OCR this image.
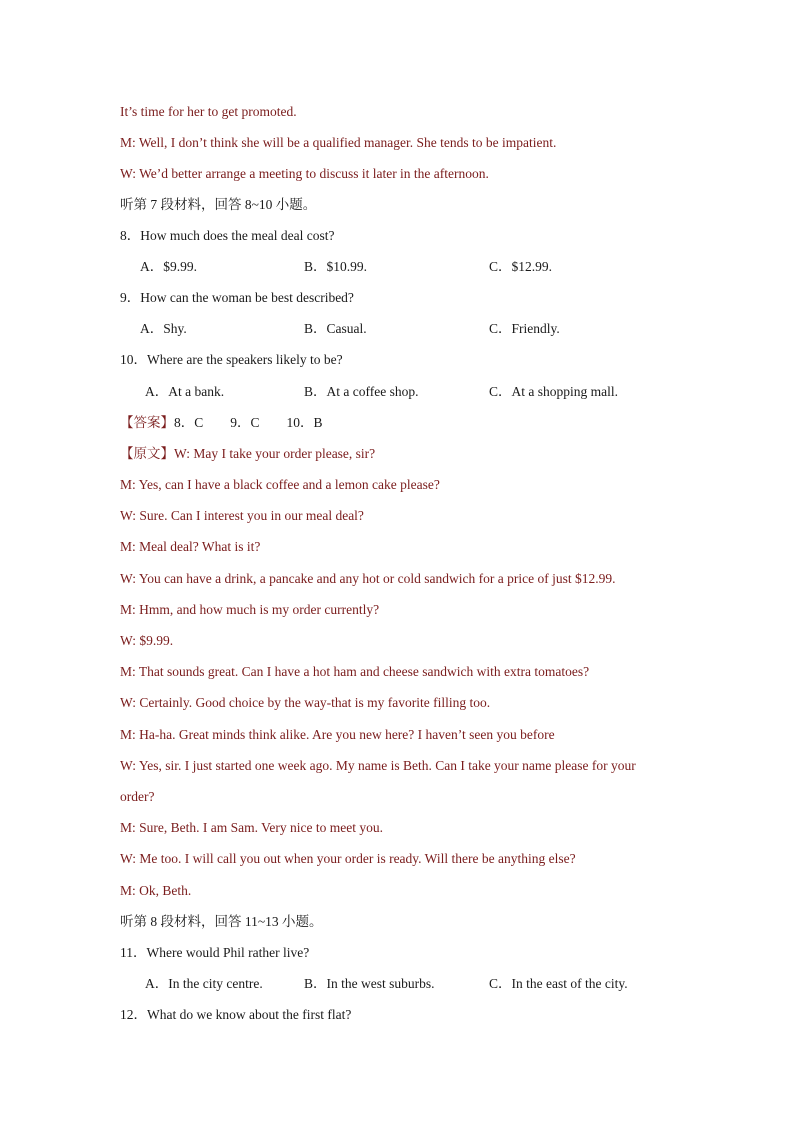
It’s time for her to get promoted.
M: Well, I don’t think she will be a qualified manager. She tends to be impatient.
W: We’d better arrange a meeting to discuss it later in the afternoon.
听第 7 段材料，回答 8~10 小题。
8．How much does the meal deal cost?
A．$9.99.	B．$10.99.	C．$12.99.
9．How can the woman be best described?
A．Shy.	B．Casual.	C．Friendly.
10．Where are the speakers likely to be?
A．At a bank.	B．At a coffee shop.	C．At a shopping mall.
【答案】8．C        9．C        10．B
【原文】W: May I take your order please, sir?
M: Yes, can I have a black coffee and a lemon cake please?
W: Sure. Can I interest you in our meal deal?
M: Meal deal? What is it?
W: You can have a drink, a pancake and any hot or cold sandwich for a price of just $12.99.
M: Hmm, and how much is my order currently?
W: $9.99.
M: That sounds great. Can I have a hot ham and cheese sandwich with extra tomatoes?
W: Certainly. Good choice by the way-that is my favorite filling too.
M: Ha-ha. Great minds think alike. Are you new here? I haven’t seen you before
W: Yes, sir. I just started one week ago. My name is Beth. Can I take your name please for your
order?
M: Sure, Beth. I am Sam. Very nice to meet you.
W: Me too. I will call you out when your order is ready. Will there be anything else?
M: Ok, Beth.
听第 8 段材料，回答 11~13 小题。
11．Where would Phil rather live?
A．In the city centre.	B．In the west suburbs.	C．In the east of the city.
12．What do we know about the first flat?
